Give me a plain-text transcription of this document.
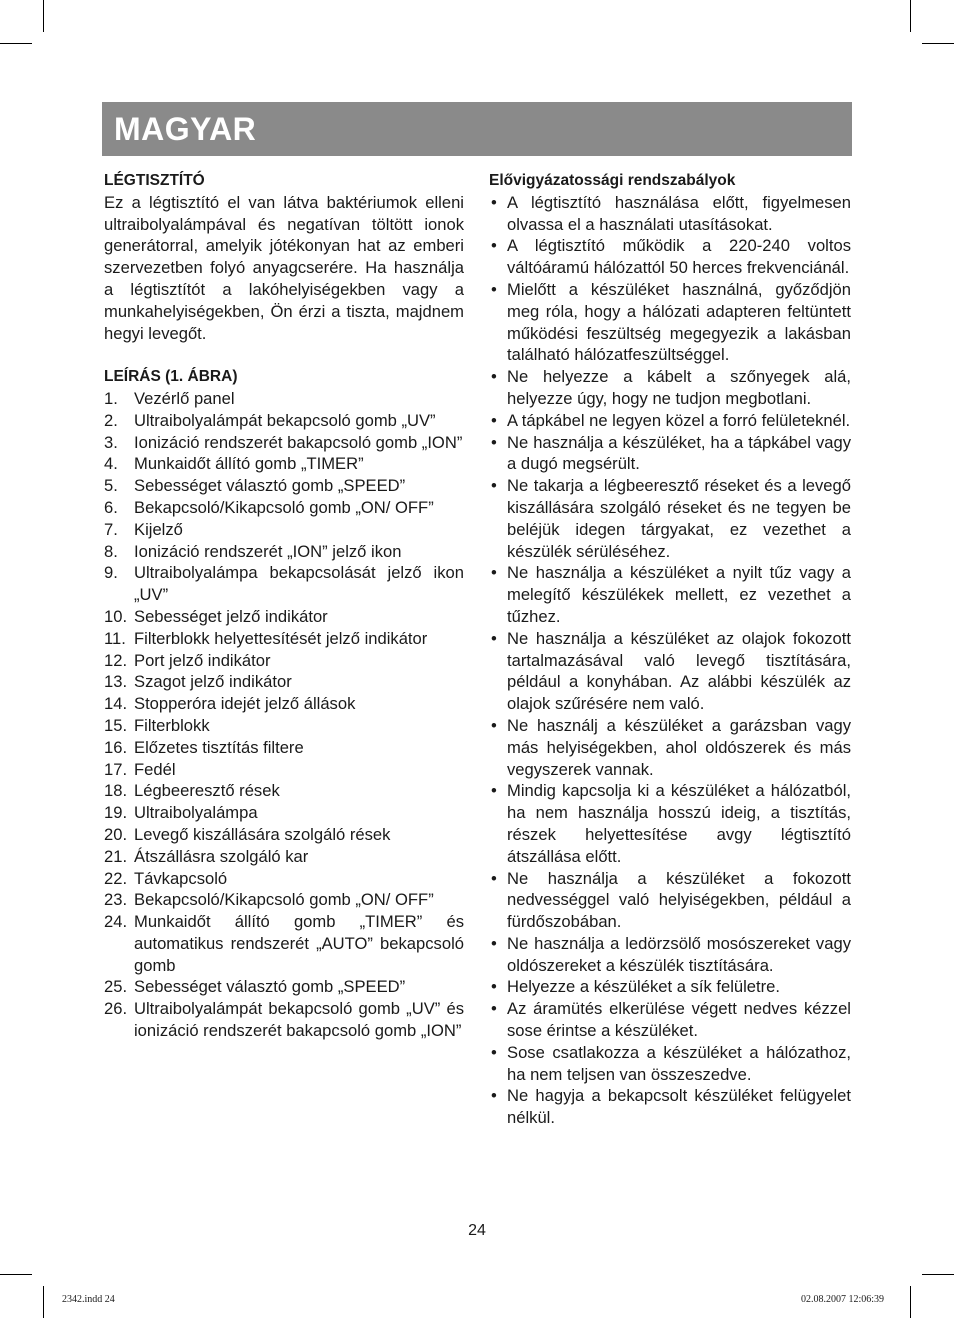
MAGYAR

LÉGTISZTÍTÓ

Ez a légtisztító el van látva baktériumok elleni ultraibolyalámpával és negatívan töltött ionok generátorral, amelyik jótékonyan hat az emberi szervezetben folyó anyagcserére. Ha használja a légtisztítót a lakóhelyiségekben vagy a munkahelyiségekben, Ön érzi a tiszta, majdnem hegyi levegőt.

LEÍRÁS (1. ÁBRA)

1. Vezérlő panel
2. Ultraibolyalámpát bekapcsoló gomb „UV”
3. Ionizáció rendszerét bakapcsoló gomb „ION”
4. Munkaidőt állító gomb „TIMER”
5. Sebességet választó gomb „SPEED”
6. Bekapcsoló/Kikapcsoló gomb „ON/ OFF”
7. Kijelző
8. Ionizáció rendszerét „ION” jelző ikon
9. Ultraibolyalámpa bekapcsolását jelző ikon „UV”
10. Sebességet jelző indikátor
11. Filterblokk helyettesítését jelző indikátor
12. Port jelző indikátor
13. Szagot jelző indikátor
14. Stopperóra idejét jelző állások
15. Filterblokk
16. Előzetes tisztítás filtere
17. Fedél
18. Légbeeresztő rések
19. Ultraibolyalámpa
20. Levegő kiszállására szolgáló rések
21. Átszállásra szolgáló kar
22. Távkapcsoló
23. Bekapcsoló/Kikapcsoló gomb „ON/ OFF”
24. Munkaidőt állító gomb „TIMER” és automatikus rendszerét „AUTO” bekapcsoló gomb
25. Sebességet választó gomb „SPEED”
26. Ultraibolyalámpát bekapcsoló gomb „UV” és ionizáció rendszerét bakapcsoló gomb „ION”

Elővigyázatossági rendszabályok

• A légtisztító használása előtt, figyelmesen olvassa el a használati utasításokat.
• A légtisztító működik a 220-240 voltos váltóáramú hálózattól 50 herces frekvenciánál.
• Mielőtt a készüléket használná, győződjön meg róla, hogy a hálózati adapteren feltüntett működési feszültség megegyezik a lakásban található hálózatfeszültséggel.
• Ne helyezze a kábelt a szőnyegek alá, helyezze úgy, hogy ne tudjon megbotlani.
• A tápkábel ne legyen közel a forró felületeknél.
• Ne használja a készüléket, ha a tápkábel vagy a dugó megsérült.
• Ne takarja a légbeeresztő réseket és a levegő kiszállására szolgáló réseket és ne tegyen be beléjük idegen tárgyakat, ez vezethet a készülék sérüléséhez.
• Ne használja a készüléket a nyilt tűz vagy a melegítő készülékek mellett, ez vezethet a tűzhez.
• Ne használja a készüléket az olajok fokozott tartalmazásával való levegő tisztítására, például a konyhában. Az alábbi készülék az olajok szűrésére nem való.
• Ne használj a készüléket a garázsban vagy más helyiségekben, ahol oldószerek és más vegyszerek vannak.
• Mindig kapcsolja ki a készüléket a hálózatból, ha nem használja hosszú ideig, a tisztítás, részek helyettesítése avgy légtisztító átszállása előtt.
• Ne használja a készüléket a fokozott nedvességgel való helyiségekben, például a fürdőszobában.
• Ne használja a ledörzsölő mosószereket vagy oldószereket a készülék tisztítására.
• Helyezze a készüléket a sík felületre.
• Az áramütés elkerülése végett nedves kézzel sose érintse a készüléket.
• Sose csatlakozza a készüléket a hálózathoz, ha nem teljsen van összeszedve.
• Ne hagyja a bekapcsolt készüléket felügyelet nélkül.
24
2342.indd 24	02.08.2007 12:06:39
